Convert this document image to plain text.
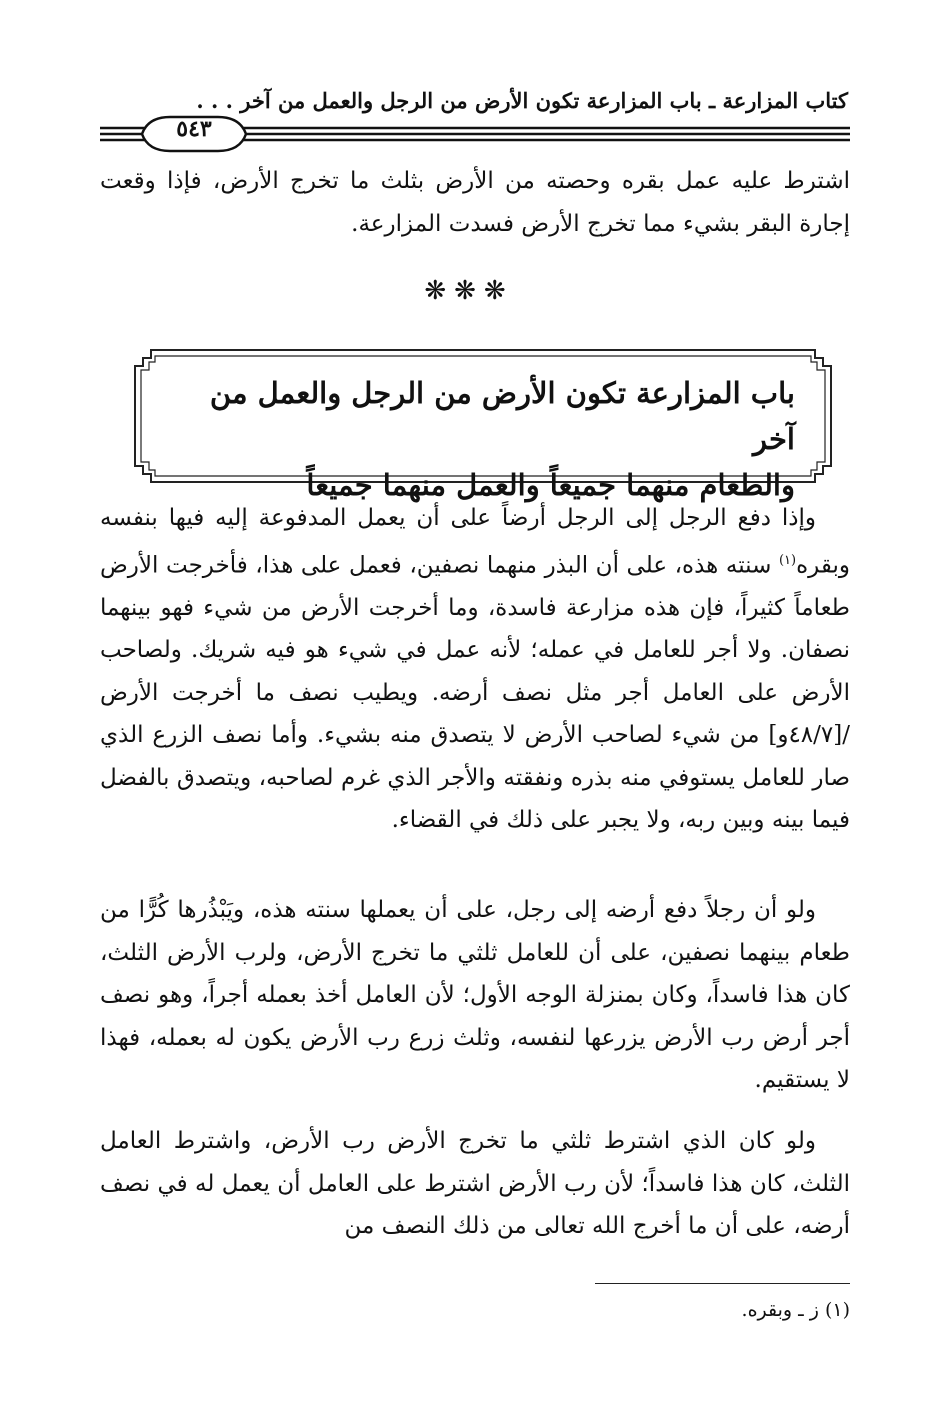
كتاب المزارعة ـ باب المزارعة تكون الأرض من الرجل والعمل من آخر . . .
٥٤٣
اشترط عليه عمل بقره وحصته من الأرض بثلث ما تخرج الأرض، فإذا وقعت إجارة البقر بشيء مما تخرج الأرض فسدت المزارعة.
❋❋❋
باب المزارعة تكون الأرض من الرجل والعمل من آخر
والطعام منهما جميعاً والعمل منهما جميعاً
وإذا دفع الرجل إلى الرجل أرضاً على أن يعمل المدفوعة إليه فيها بنفسه وبقره$^{(١)}$ سنته هذه، على أن البذر منهما نصفين، فعمل على هذا، فأخرجت الأرض طعاماً كثيراً، فإن هذه مزارعة فاسدة، وما أخرجت الأرض من شيء فهو بينهما نصفان. ولا أجر للعامل في عمله؛ لأنه عمل في شيء هو فيه شريك. ولصاحب الأرض على العامل أجر مثل نصف أرضه. ويطيب نصف ما أخرجت الأرض /[٤٨/٧و] من شيء لصاحب الأرض لا يتصدق منه بشيء. وأما نصف الزرع الذي صار للعامل يستوفي منه بذره ونفقته والأجر الذي غرم لصاحبه، ويتصدق بالفضل فيما بينه وبين ربه، ولا يجبر على ذلك في القضاء.
ولو أن رجلاً دفع أرضه إلى رجل، على أن يعملها سنته هذه، ويَبْذُرها كُرًّا من طعام بينهما نصفين، على أن للعامل ثلثي ما تخرج الأرض، ولرب الأرض الثلث، كان هذا فاسداً، وكان بمنزلة الوجه الأول؛ لأن العامل أخذ بعمله أجراً، وهو نصف أجر أرض رب الأرض يزرعها لنفسه، وثلث زرع رب الأرض يكون له بعمله، فهذا لا يستقيم.
ولو كان الذي اشترط ثلثي ما تخرج الأرض رب الأرض، واشترط العامل الثلث، كان هذا فاسداً؛ لأن رب الأرض اشترط على العامل أن يعمل له في نصف أرضه، على أن ما أخرج الله تعالى من ذلك النصف من
(١) ز ـ وبقره.
